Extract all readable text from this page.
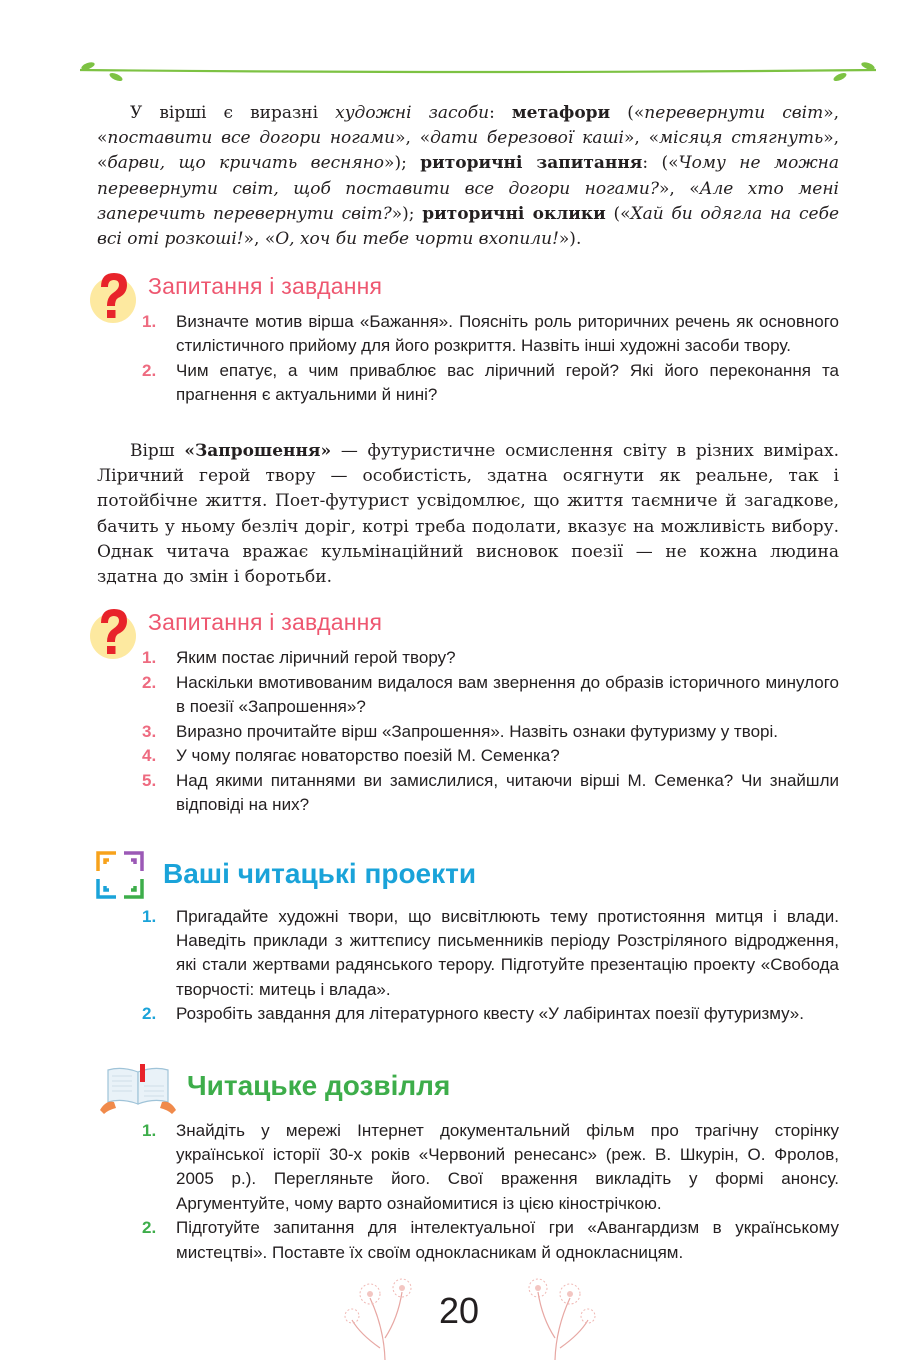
У вірші є виразні художні засоби: метафори («перевернути світ», «поставити все догори ногами», «дати березової каші», «місяця стягнуть», «барви, що кричать весняно»); риторичні запитання: («Чому не можна перевернути світ, щоб поставити все догори ногами?», «Але хто мені заперечить перевернути світ?»); риторичні оклики («Хай би одягла на себе всі оті розкоші!», «О, хоч би тебе чорти вхопили!»).

Запитання і завдання
1. Визначте мотив вірша «Бажання». Поясніть роль риторичних речень як основного стилістичного прийому для його розкриття. Назвіть інші художні засоби твору.
2. Чим епатує, а чим приваблює вас ліричний герой? Які його переконання та прагнення є актуальними й нині?

Вірш «Запрошення» — футуристичне осмислення світу в різних вимірах. Ліричний герой твору — особистість, здатна осягнути як реальне, так і потойбічне життя. Поет-футурист усвідомлює, що життя таємниче й загадкове, бачить у ньому безліч доріг, котрі треба подолати, вказує на можливість вибору. Однак читача вражає кульмінаційний висновок поезії — не кожна людина здатна до змін і боротьби.

Запитання і завдання
1. Яким постає ліричний герой твору?
2. Наскільки вмотивованим видалося вам звернення до образів історичного минулого в поезії «Запрошення»?
3. Виразно прочитайте вірш «Запрошення». Назвіть ознаки футуризму у творі.
4. У чому полягає новаторство поезій М. Семенка?
5. Над якими питаннями ви замислилися, читаючи вірші М. Семенка? Чи знайшли відповіді на них?
Ваші читацькі проекти
1. Пригадайте художні твори, що висвітлюють тему протистояння митця і влади. Наведіть приклади з життєпису письменників періоду Розстріляного відродження, які стали жертвами радянського терору. Підготуйте презентацію проекту «Свобода творчості: митець і влада».
2. Розробіть завдання для літературного квесту «У лабіринтах поезії футуризму».
Читацьке дозвілля
1. Знайдіть у мережі Інтернет документальний фільм про трагічну сторінку української історії 30-х років «Червоний ренесанс» (реж. В. Шкурін, О. Фролов, 2005 р.). Перегляньте його. Свої враження викладіть у формі анонсу. Аргументуйте, чому варто ознайомитися із цією кінострічкою.
2. Підготуйте запитання для інтелектуальної гри «Авангардизм в українському мистецтві». Поставте їх своїм однокласникам й однокласницям.
20
